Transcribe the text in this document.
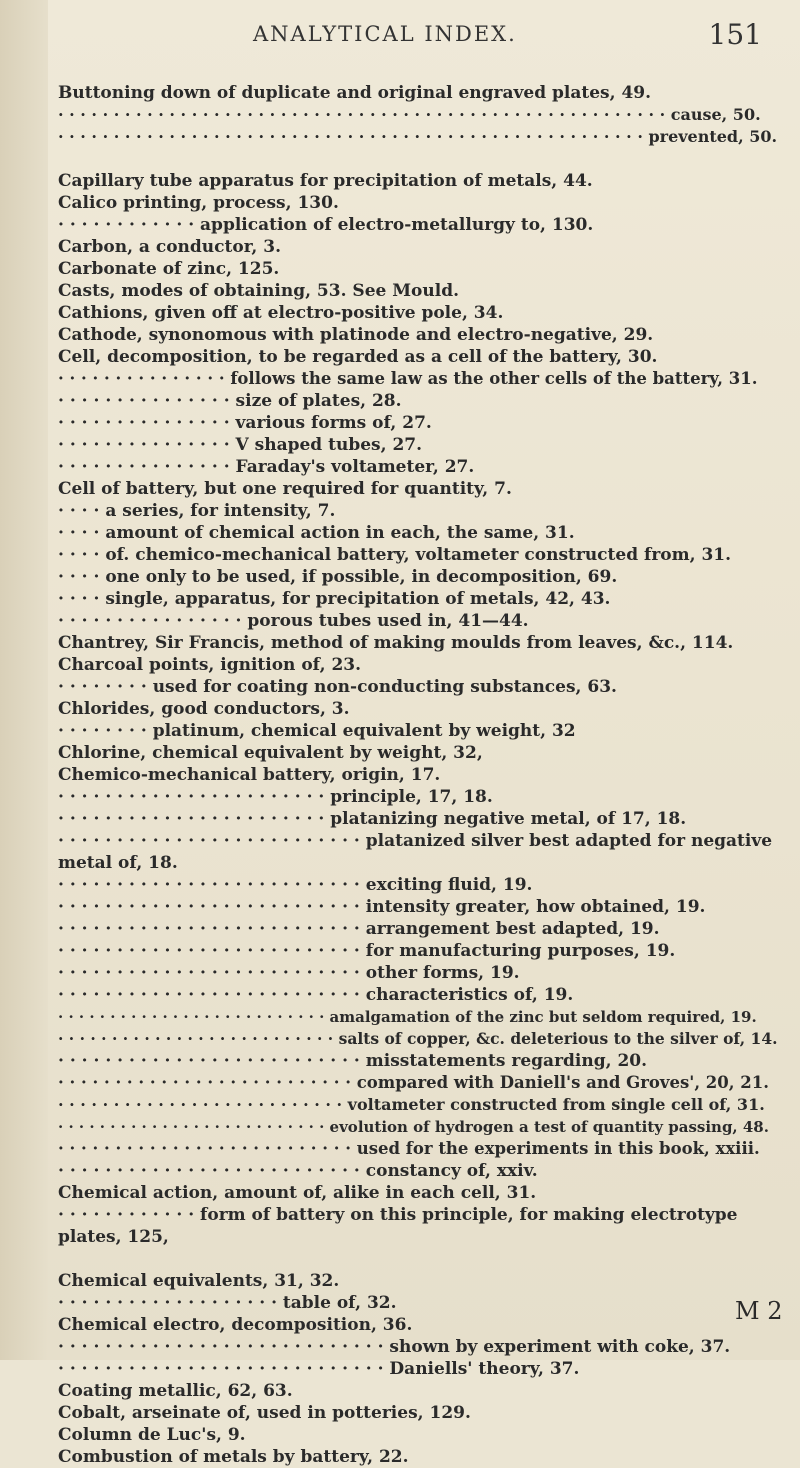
ANALYTICAL INDEX.	151
Buttoning down of duplicate and original engraved plates, 49.
· · · · · · · · · · · · · · · · · · · · · · · · · · · · · · · · · · · · · · · · · · · · · · · · · · · · · · · cause, 50.
· · · · · · · · · · · · · · · · · · · · · · · · · · · · · · · · · · · · · · · · · · · · · · · · · · · · · prevented, 50.
Capillary tube apparatus for precipitation of metals, 44.
Calico printing, process, 130.
· · · · · · · · · · · · application of electro-metallurgy to, 130.
Carbon, a conductor, 3.
Carbonate of zinc, 125.
Casts, modes of obtaining, 53. See Mould.
Cathions, given off at electro-positive pole, 34.
Cathode, synonomous with platinode and electro-negative, 29.
Cell, decomposition, to be regarded as a cell of the battery, 30.
· · · · · · · · · · · · · · · follows the same law as the other cells of the battery, 31.
· · · · · · · · · · · · · · · size of plates, 28.
· · · · · · · · · · · · · · · various forms of, 27.
· · · · · · · · · · · · · · · V shaped tubes, 27.
· · · · · · · · · · · · · · · Faraday's voltameter, 27.
Cell of battery, but one required for quantity, 7.
· · · · a series, for intensity, 7.
· · · · amount of chemical action in each, the same, 31.
· · · · of. chemico-mechanical battery, voltameter constructed from, 31.
· · · · one only to be used, if possible, in decomposition, 69.
· · · · single, apparatus, for precipitation of metals, 42, 43.
· · · · · · · · · · · · · · · · porous tubes used in, 41—44.
Chantrey, Sir Francis, method of making moulds from leaves, &c., 114.
Charcoal points, ignition of, 23.
· · · · · · · · used for coating non-conducting substances, 63.
Chlorides, good conductors, 3.
· · · · · · · · platinum, chemical equivalent by weight, 32
Chlorine, chemical equivalent by weight, 32,
Chemico-mechanical battery, origin, 17.
· · · · · · · · · · · · · · · · · · · · · · · principle, 17, 18.
· · · · · · · · · · · · · · · · · · · · · · · platanizing negative metal, of 17, 18.
· · · · · · · · · · · · · · · · · · · · · · · · · · platanized silver best adapted for negative metal of, 18.
· · · · · · · · · · · · · · · · · · · · · · · · · · exciting fluid, 19.
· · · · · · · · · · · · · · · · · · · · · · · · · · intensity greater, how obtained, 19.
· · · · · · · · · · · · · · · · · · · · · · · · · · arrangement best adapted, 19.
· · · · · · · · · · · · · · · · · · · · · · · · · · for manufacturing purposes, 19.
· · · · · · · · · · · · · · · · · · · · · · · · · · other forms, 19.
· · · · · · · · · · · · · · · · · · · · · · · · · · characteristics of, 19.
· · · · · · · · · · · · · · · · · · · · · · · · · · amalgamation of the zinc but seldom required, 19.
· · · · · · · · · · · · · · · · · · · · · · · · · · salts of copper, &c. deleterious to the silver of, 14.
· · · · · · · · · · · · · · · · · · · · · · · · · · misstatements regarding, 20.
· · · · · · · · · · · · · · · · · · · · · · · · · · compared with Daniell's and Groves', 20, 21.
· · · · · · · · · · · · · · · · · · · · · · · · · · voltameter constructed from single cell of, 31.
· · · · · · · · · · · · · · · · · · · · · · · · · · evolution of hydrogen a test of quantity passing, 48.
· · · · · · · · · · · · · · · · · · · · · · · · · · used for the experiments in this book, xxiii.
· · · · · · · · · · · · · · · · · · · · · · · · · · constancy of, xxiv.
Chemical action, amount of, alike in each cell, 31.
· · · · · · · · · · · · form of battery on this principle, for making electrotype plates, 125,
Chemical equivalents, 31, 32.
· · · · · · · · · · · · · · · · · · · table of, 32.
Chemical electro, decomposition, 36.
· · · · · · · · · · · · · · · · · · · · · · · · · · · · shown by experiment with coke, 37.
· · · · · · · · · · · · · · · · · · · · · · · · · · · · Daniells' theory, 37.
Coating metallic, 62, 63.
Cobalt, arseinate of, used in potteries, 129.
Column de Luc's, 9.
Combustion of metals by battery, 22.
M 2
